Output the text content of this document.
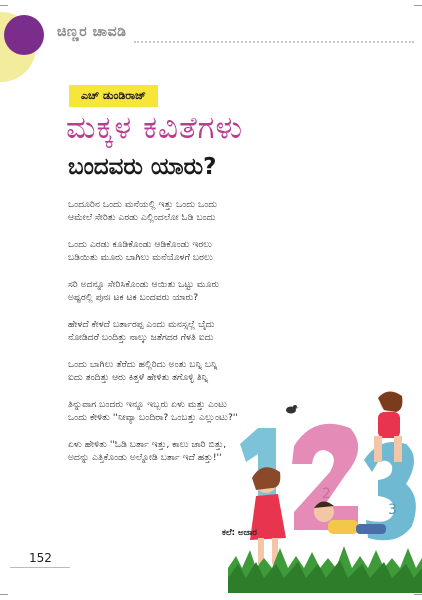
ಚಿಣ್ಣರ ಚಾವಡಿ
ಎಚ್‌ ಡುಂಡಿರಾಜ್‌
ಮಕ್ಕಳ ಕವಿತೆಗಳು
ಬಂದವರು ಯಾರು?
ಒಂದೂರಿನ ಒಂದು ಮನೆಯಲ್ಲಿ ಇತ್ತು ಒಂದು ಒಂದು
ಆಮೇಲೆ ಸೇರಿತು ಎರಡು ಎಲ್ಲಿಂದಲೋ ಓಡಿ ಬಂದು
ಒಂದು ಎರಡು ಕೂಡಿಕೊಂಡು ಆಡಿಕೊಂಡು ಇರಲು
ಬಡಿಯಿತು ಮೂರು ಬಾಗಿಲು ಮನೆಯೊಳಗೆ ಬರಲು
ಸರಿ ಅದನ್ನೂ ಸೇರಿಸಿಕೊಂಡು ಆಯಿತು ಒಟ್ಟು ಮೂರು
ಅಷ್ಟರಲ್ಲಿ ಪುನಃ ಟಕ ಟಕ ಬಂದವರು ಯಾರು?
ಹೇಳದೆ ಕೇಳದೆ ಬರ್ತಾರಪ್ಪ ಎಂದು ಮನಸ್ಸಲ್ಲೆ ಬೈದು
ನೋಡಿದರೆ ಬಂದಿತ್ತು ನಾಲ್ಕು ಜತೆಗದರ ಗೆಳತಿ ಐದು
ಒಂದು ಬಾಗಿಲು ತೆರೆದು ಹಲ್ಲಿರಿದು ಅಂತು ಬನ್ನಿ ಬನ್ನಿ
ಐದು ತಂದಿತ್ತು ಆರು ಕಿತ್ತಳೆ ಹೇಳಿತು ತಗೊಳ್ಳಿ ತಿನ್ನಿ
ತಿನ್ನುವಾಗ ಬಂದರು ಇನ್ನೂ ಇಬ್ಬರು ಏಳು ಮತ್ತು ಎಂಟು
ಒಂದು ಕೇಳಿತು ''ನೀವ್ಯಾ ಬಂದಿರಾ? ಒಂಬತ್ತು ಎಲ್ಲುಂಟು?''
ಏಳು ಹೇಳಿತು ''ಓಡಿ ಬರ್ತಾ ಇತ್ತು, ಕಾಲು ಜಾರಿ ಬಿತ್ತು,
ಅದನ್ನು ಎತ್ತಿಕೊಂಡು ಅಲ್ನೋಡಿ ಬರ್ತಾ ಇದೆ ಹತ್ತು!''
2
3
ಕಲೆ: ಅಜಾರ
152
